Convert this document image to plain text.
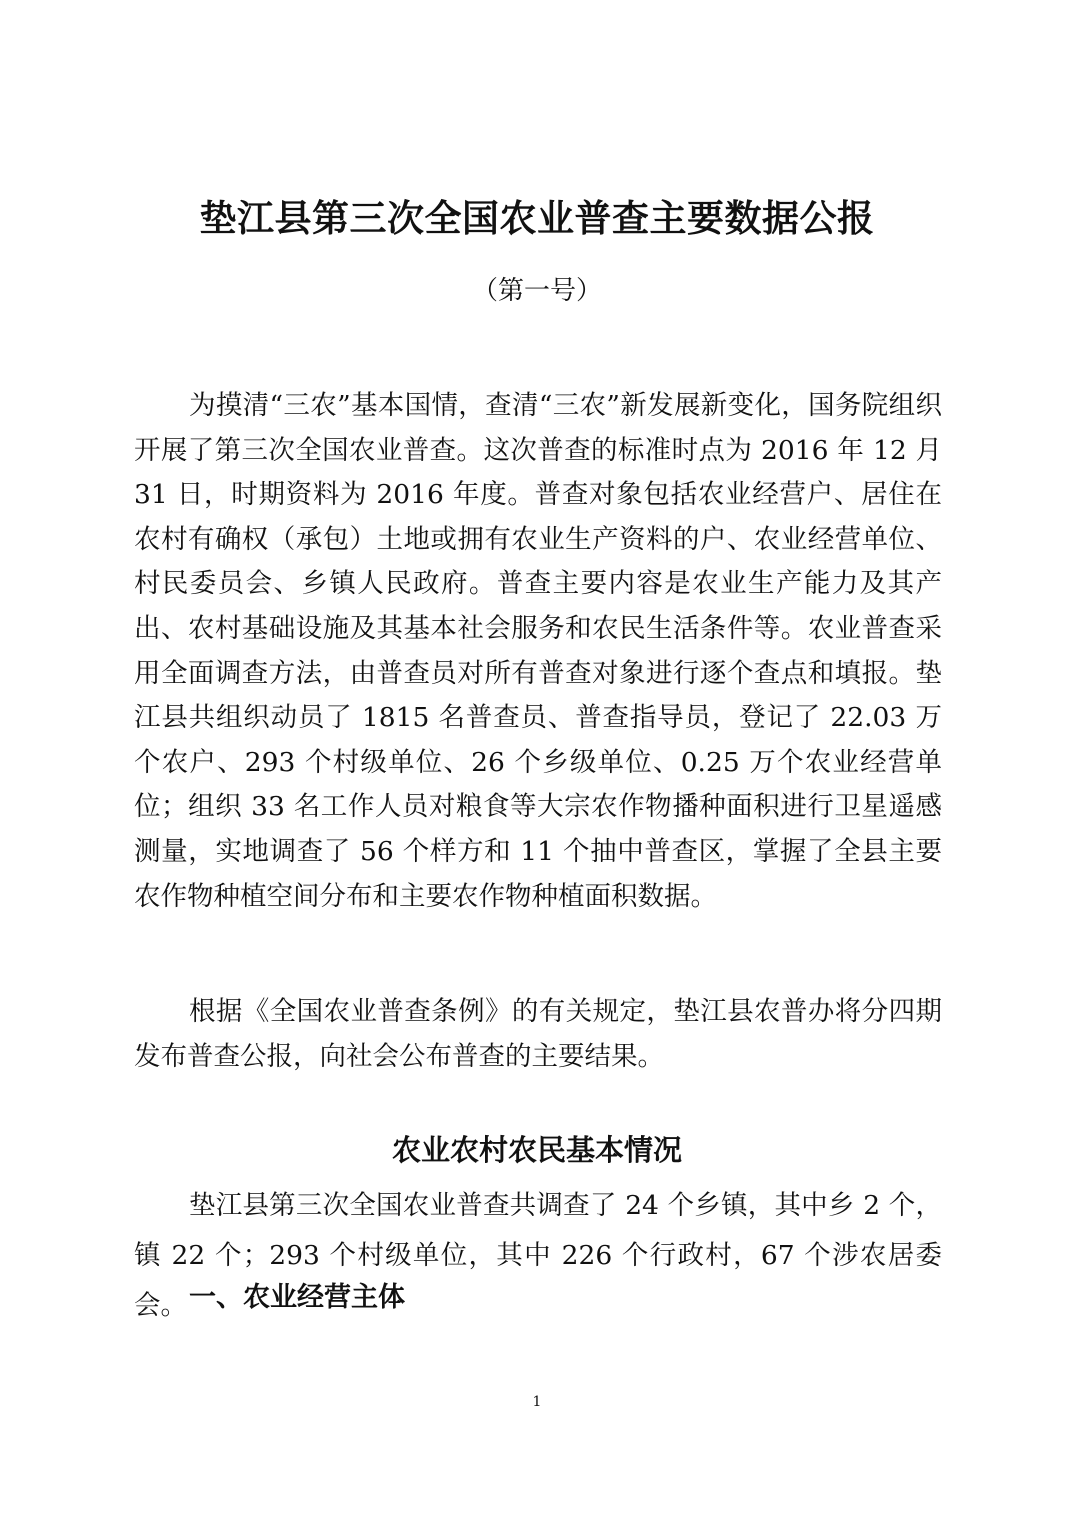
垫江县第三次全国农业普查主要数据公报
（第一号）

为摸清“三农”基本国情，查清“三农”新发展新变化，国务院组织开展了第三次全国农业普查。这次普查的标准时点为 2016 年 12 月 31 日，时期资料为 2016 年度。普查对象包括农业经营户、居住在农村有确权（承包）土地或拥有农业生产资料的户、农业经营单位、村民委员会、乡镇人民政府。普查主要内容是农业生产能力及其产出、农村基础设施及其基本社会服务和农民生活条件等。农业普查采用全面调查方法，由普查员对所有普查对象进行逐个查点和填报。垫江县共组织动员了 1815 名普查员、普查指导员，登记了 22.03 万个农户、293 个村级单位、26 个乡级单位、0.25 万个农业经营单位；组织 33 名工作人员对粮食等大宗农作物播种面积进行卫星遥感测量，实地调查了 56 个样方和 11 个抽中普查区，掌握了全县主要农作物种植空间分布和主要农作物种植面积数据。

根据《全国农业普查条例》的有关规定，垫江县农普办将分四期发布普查公报，向社会公布普查的主要结果。

农业农村农民基本情况

垫江县第三次全国农业普查共调查了 24 个乡镇，其中乡 2 个，镇 22 个；293 个村级单位，其中 226 个行政村，67 个涉农居委会。 一、农业经营主体
1
